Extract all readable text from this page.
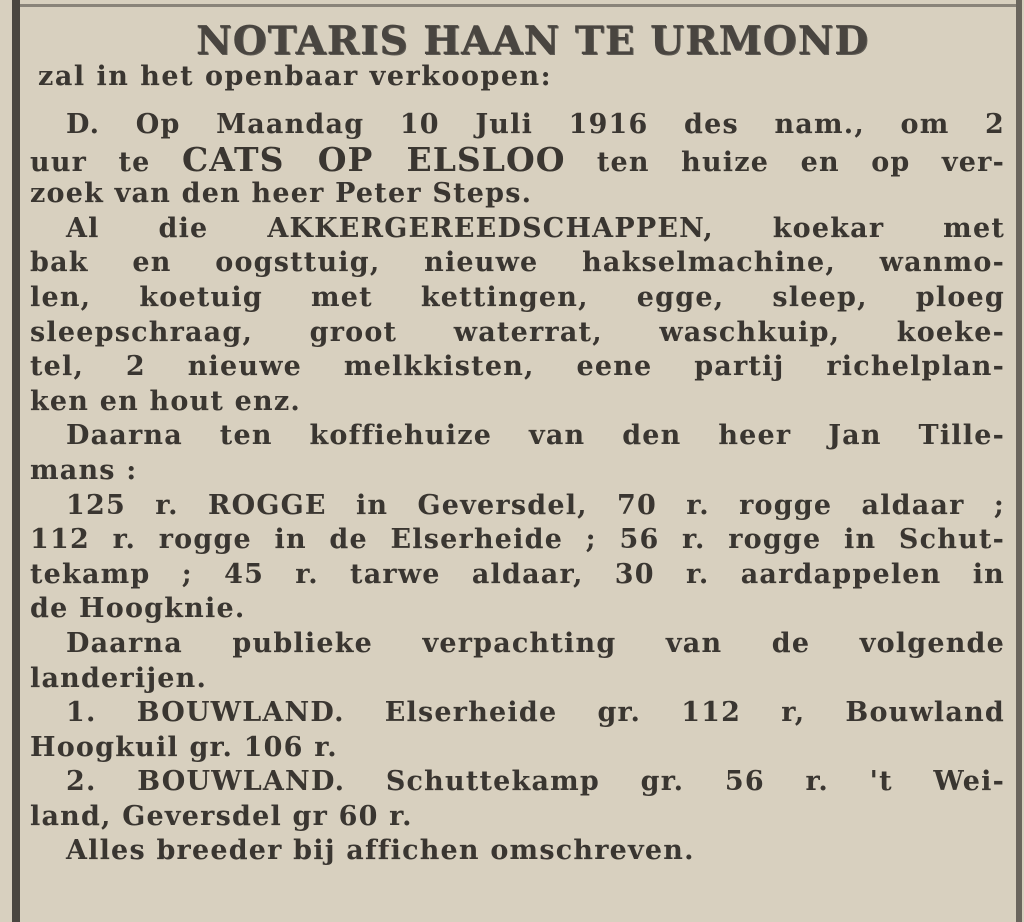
NOTARIS HAAN TE URMOND
zal in het openbaar verkoopen:
D. Op Maandag 10 Juli 1916 des nam., om 2
uur te CATS OP ELSLOO ten huize en op ver-
zoek van den heer Peter Steps.
Al die AKKERGEREEDSCHAPPEN, koekar met
bak en oogsttuig, nieuwe hakselmachine, wanmo-
len, koetuig met kettingen, egge, sleep, ploeg
sleepschraag, groot waterrat, waschkuip, koeke-
tel, 2 nieuwe melkkisten, eene partij richelplan-
ken en hout enz.
Daarna ten koffiehuize van den heer Jan Tille-
mans :
125 r. ROGGE in Geversdel, 70 r. rogge aldaar ;
112 r. rogge in de Elserheide ; 56 r. rogge in Schut-
tekamp ; 45 r. tarwe aldaar, 30 r. aardappelen in
de Hoogknie.
Daarna publieke verpachting van de volgende
landerijen.
1. BOUWLAND. Elserheide gr. 112 r, Bouwland
Hoogkuil gr. 106 r.
2. BOUWLAND. Schuttekamp gr. 56 r. 't Wei-
land, Geversdel gr 60 r.
Alles breeder bij affichen omschreven.
